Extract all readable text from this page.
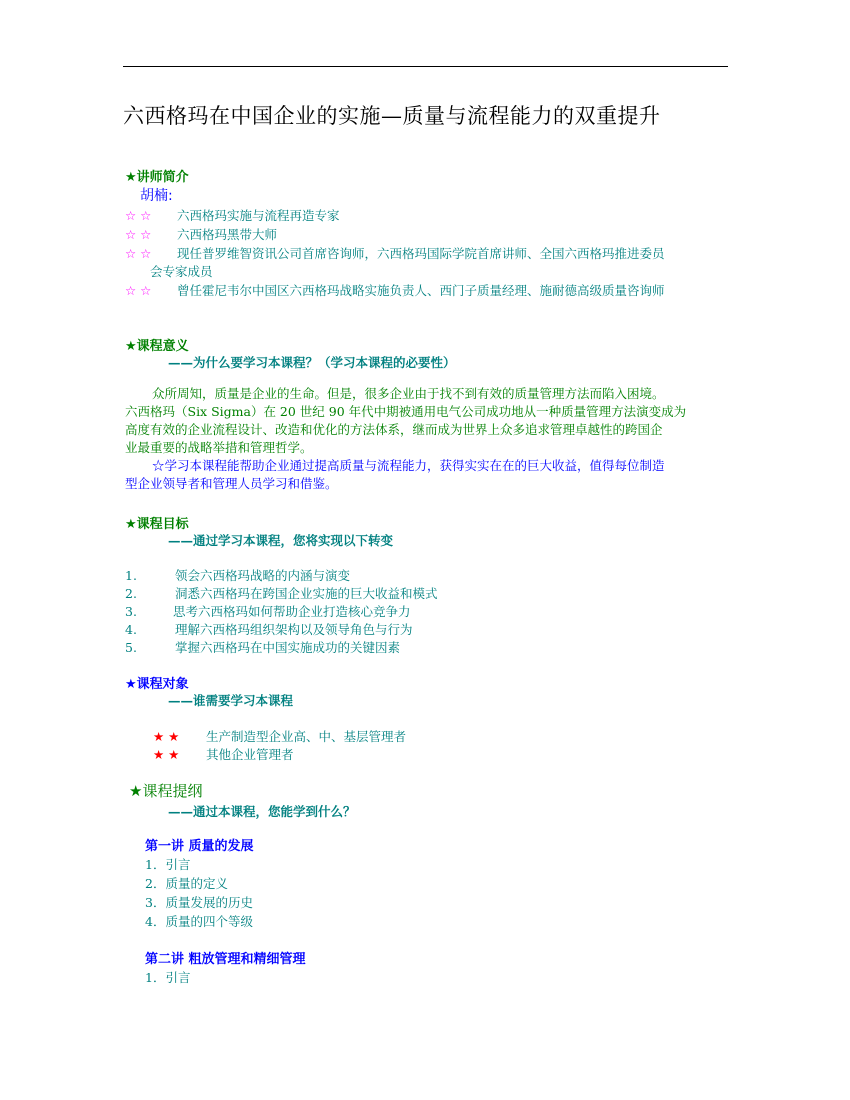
六西格玛在中国企业的实施—质量与流程能力的双重提升
★讲师简介
胡楠:
☆ ☆ 六西格玛实施与流程再造专家
☆ ☆ 六西格玛黑带大师
☆ ☆ 现任普罗维智资讯公司首席咨询师，六西格玛国际学院首席讲师、全国六西格玛推进委员
会专家成员
☆ ☆ 曾任霍尼韦尔中国区六西格玛战略实施负责人、西门子质量经理、施耐德高级质量咨询师
★课程意义
——为什么要学习本课程？（学习本课程的必要性）
众所周知，质量是企业的生命。但是，很多企业由于找不到有效的质量管理方法而陷入困境。
六西格玛（Six Sigma）在 20 世纪 90 年代中期被通用电气公司成功地从一种质量管理方法演变成为
高度有效的企业流程设计、改造和优化的方法体系，继而成为世界上众多追求管理卓越性的跨国企
业最重要的战略举措和管理哲学。
☆学习本课程能帮助企业通过提高质量与流程能力，获得实实在在的巨大收益，值得每位制造
型企业领导者和管理人员学习和借鉴。
★课程目标
——通过学习本课程，您将实现以下转变
1.	领会六西格玛战略的内涵与演变
2.	洞悉六西格玛在跨国企业实施的巨大收益和模式
3.	思考六西格玛如何帮助企业打造核心竞争力
4.	理解六西格玛组织架构以及领导角色与行为
5.	掌握六西格玛在中国实施成功的关键因素
★课程对象
——谁需要学习本课程
★ ★ 生产制造型企业高、中、基层管理者
★ ★ 其他企业管理者
★课程提纲
——通过本课程，您能学到什么？
第一讲 质量的发展
1．引言
2．质量的定义
3．质量发展的历史
4．质量的四个等级
第二讲 粗放管理和精细管理
1．引言
